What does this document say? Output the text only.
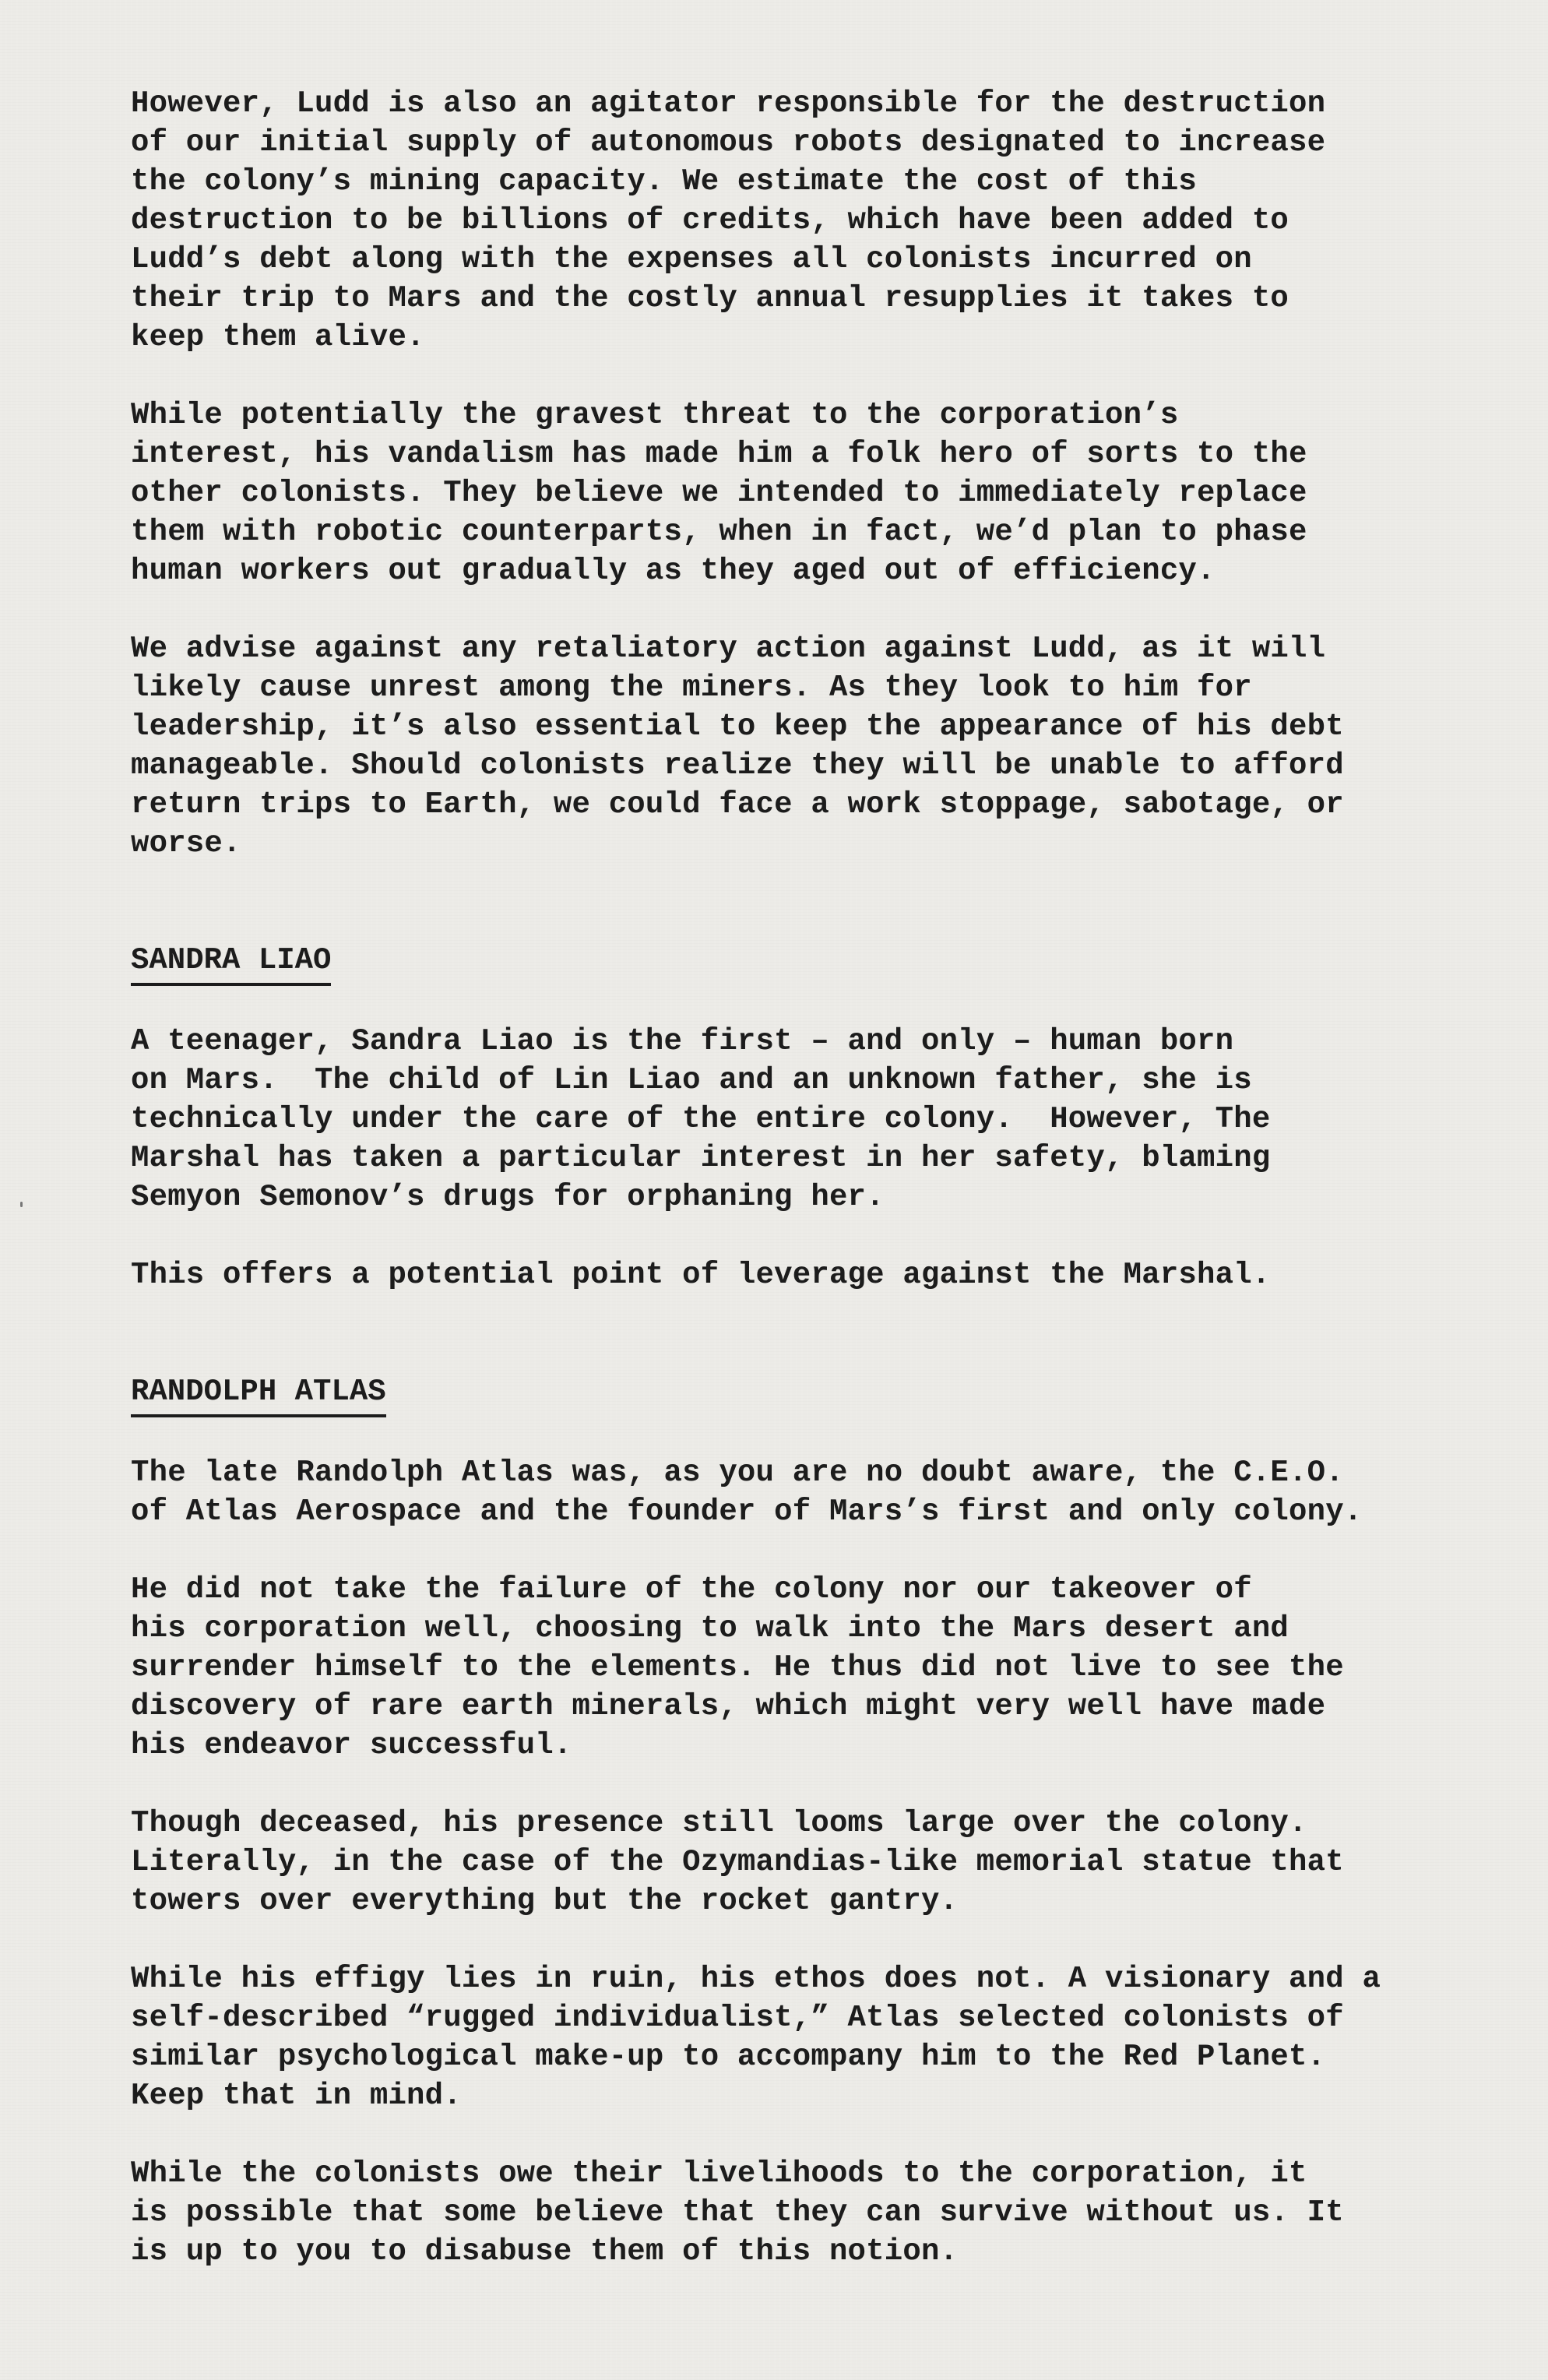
However, Ludd is also an agitator responsible for the destruction
of our initial supply of autonomous robots designated to increase
the colony’s mining capacity. We estimate the cost of this
destruction to be billions of credits, which have been added to
Ludd’s debt along with the expenses all colonists incurred on
their trip to Mars and the costly annual resupplies it takes to
keep them alive.

While potentially the gravest threat to the corporation’s
interest, his vandalism has made him a folk hero of sorts to the
other colonists. They believe we intended to immediately replace
them with robotic counterparts, when in fact, we’d plan to phase
human workers out gradually as they aged out of efficiency.

We advise against any retaliatory action against Ludd, as it will
likely cause unrest among the miners. As they look to him for
leadership, it’s also essential to keep the appearance of his debt
manageable. Should colonists realize they will be unable to afford
return trips to Earth, we could face a work stoppage, sabotage, or
worse.

SANDRA LIAO

A teenager, Sandra Liao is the first – and only – human born
on Mars.  The child of Lin Liao and an unknown father, she is
technically under the care of the entire colony.  However, The
Marshal has taken a particular interest in her safety, blaming
Semyon Semonov’s drugs for orphaning her.

This offers a potential point of leverage against the Marshal.

RANDOLPH ATLAS

The late Randolph Atlas was, as you are no doubt aware, the C.E.O.
of Atlas Aerospace and the founder of Mars’s first and only colony.

He did not take the failure of the colony nor our takeover of
his corporation well, choosing to walk into the Mars desert and
surrender himself to the elements. He thus did not live to see the
discovery of rare earth minerals, which might very well have made
his endeavor successful.

Though deceased, his presence still looms large over the colony.
Literally, in the case of the Ozymandias-like memorial statue that
towers over everything but the rocket gantry.

While his effigy lies in ruin, his ethos does not. A visionary and a
self-described “rugged individualist,” Atlas selected colonists of
similar psychological make-up to accompany him to the Red Planet.
Keep that in mind.

While the colonists owe their livelihoods to the corporation, it
is possible that some believe that they can survive without us. It
is up to you to disabuse them of this notion.
